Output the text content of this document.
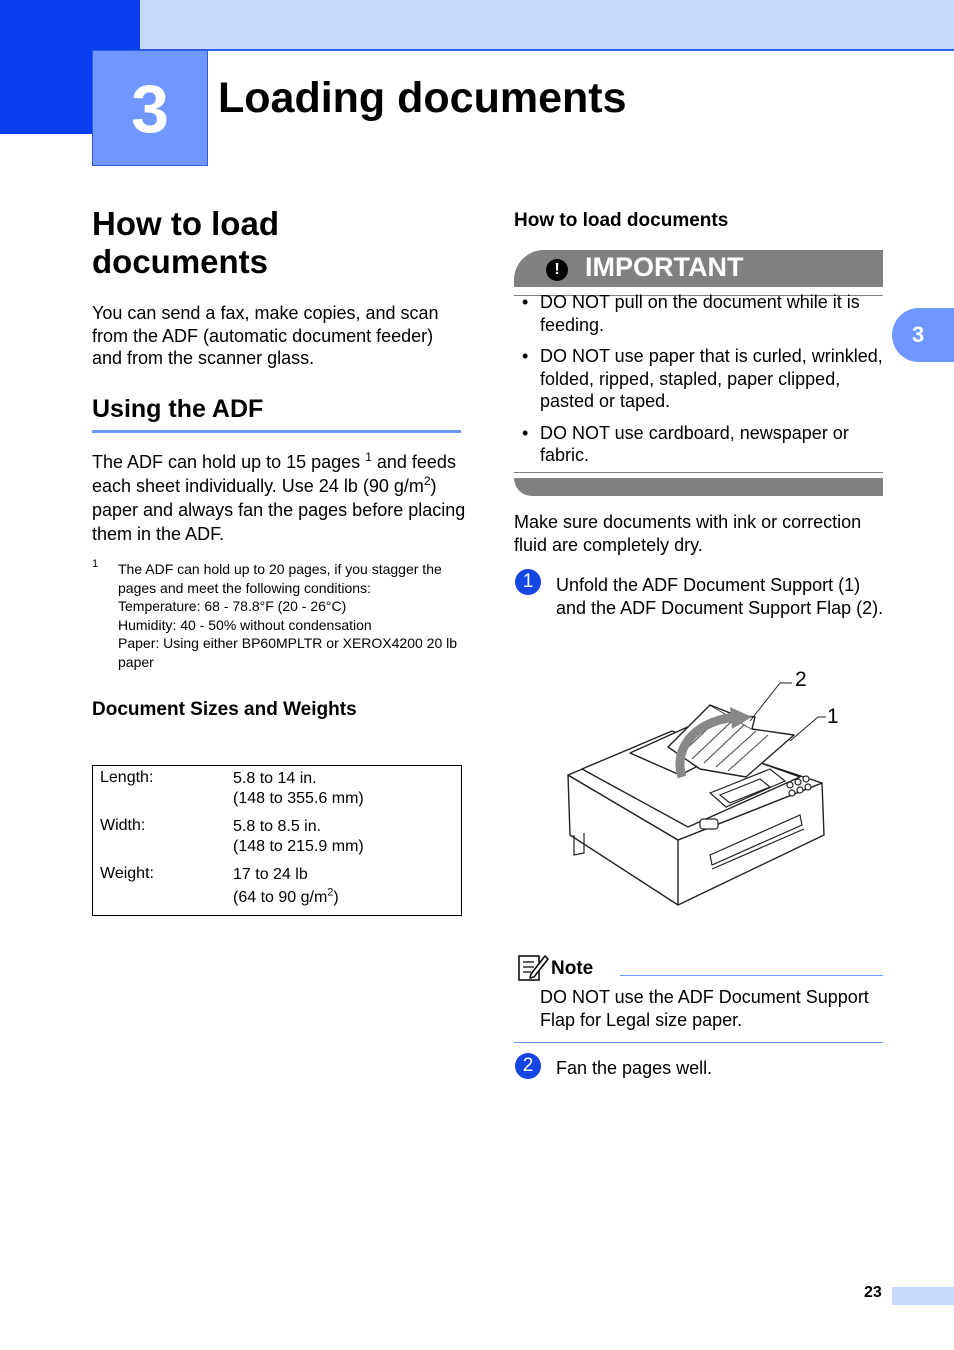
3	Loading documents
3
How to load documents
You can send a fax, make copies, and scan from the ADF (automatic document feeder) and from the scanner glass.
Using the ADF
The ADF can hold up to 15 pages $^1$ and feeds each sheet individually. Use 24 lb (90 $g/m^2$) paper and always fan the pages before placing them in the ADF.
1 The ADF can hold up to 20 pages, if you stagger the pages and meet the following conditions:
Temperature: 68 - 78.8°F (20 - 26°C)
Humidity: 40 - 50% without condensation
Paper: Using either BP60MPLTR or XEROX4200 20 lb paper
Document Sizes and Weights
Length:	5.8 to 14 in.
(148 to 355.6 mm)
Width:	5.8 to 8.5 in.
(148 to 215.9 mm)
Weight:	17 to 24 lb
(64 to 90 $g/m^2$)
How to load documents
! IMPORTANT
• DO NOT pull on the document while it is feeding.
• DO NOT use paper that is curled, wrinkled, folded, ripped, stapled, paper clipped, pasted or taped.
• DO NOT use cardboard, newspaper or fabric.
Make sure documents with ink or correction fluid are completely dry.
1	Unfold the ADF Document Support (1) and the ADF Document Support Flap (2).
2
1
Note
DO NOT use the ADF Document Support Flap for Legal size paper.
2	Fan the pages well.
23
